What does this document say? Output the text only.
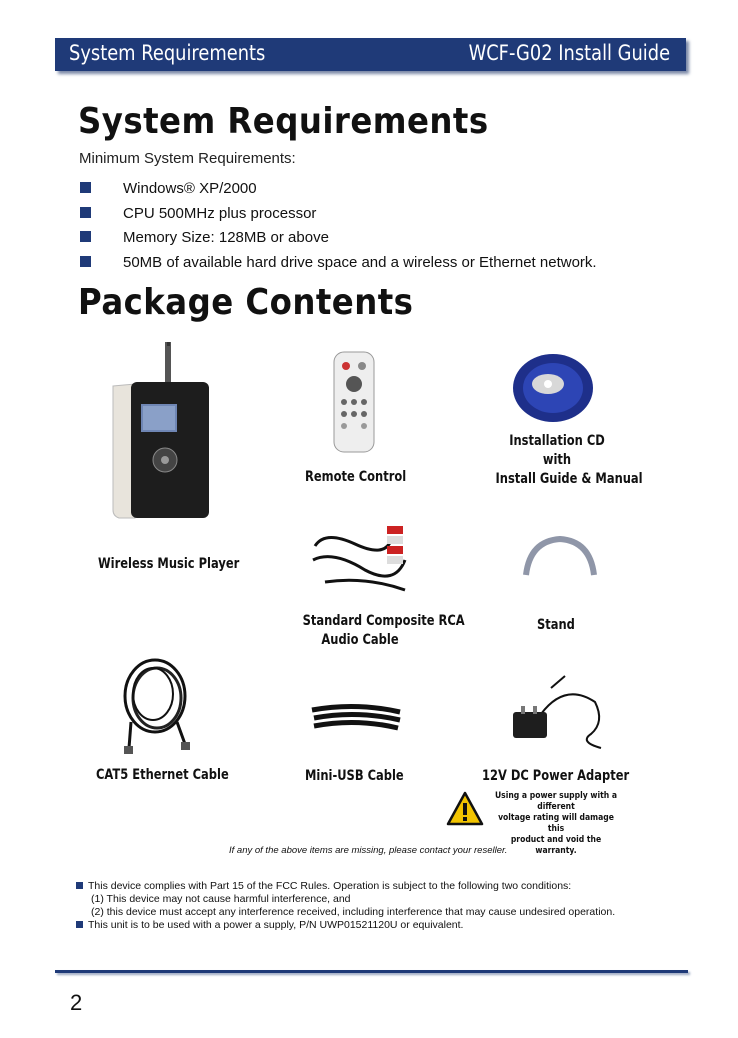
System Requirements	WCF-G02 Install Guide
System Requirements
Minimum System Requirements:
Windows® XP/2000
CPU 500MHz plus processor
Memory Size: 128MB or above
50MB of available hard drive space and a wireless or Ethernet network.
Package Contents
Wireless Music Player
Remote Control
Installation CD
with
Install Guide & Manual
Standard Composite RCA
Audio Cable
Stand
CAT5 Ethernet Cable	Mini-USB Cable	12V DC Power Adapter
Using a power supply with a different
voltage rating will damage this
product and void the warranty.
If any of the above items are missing, please contact your reseller.
This device complies with Part 15 of the FCC Rules. Operation is subject to the following two conditions:
(1) This device may not cause harmful interference, and
(2) this device must accept any interference received, including interference that may cause undesired operation.
This unit is to be used with a power a supply, P/N UWP01521120U or equivalent.
2
